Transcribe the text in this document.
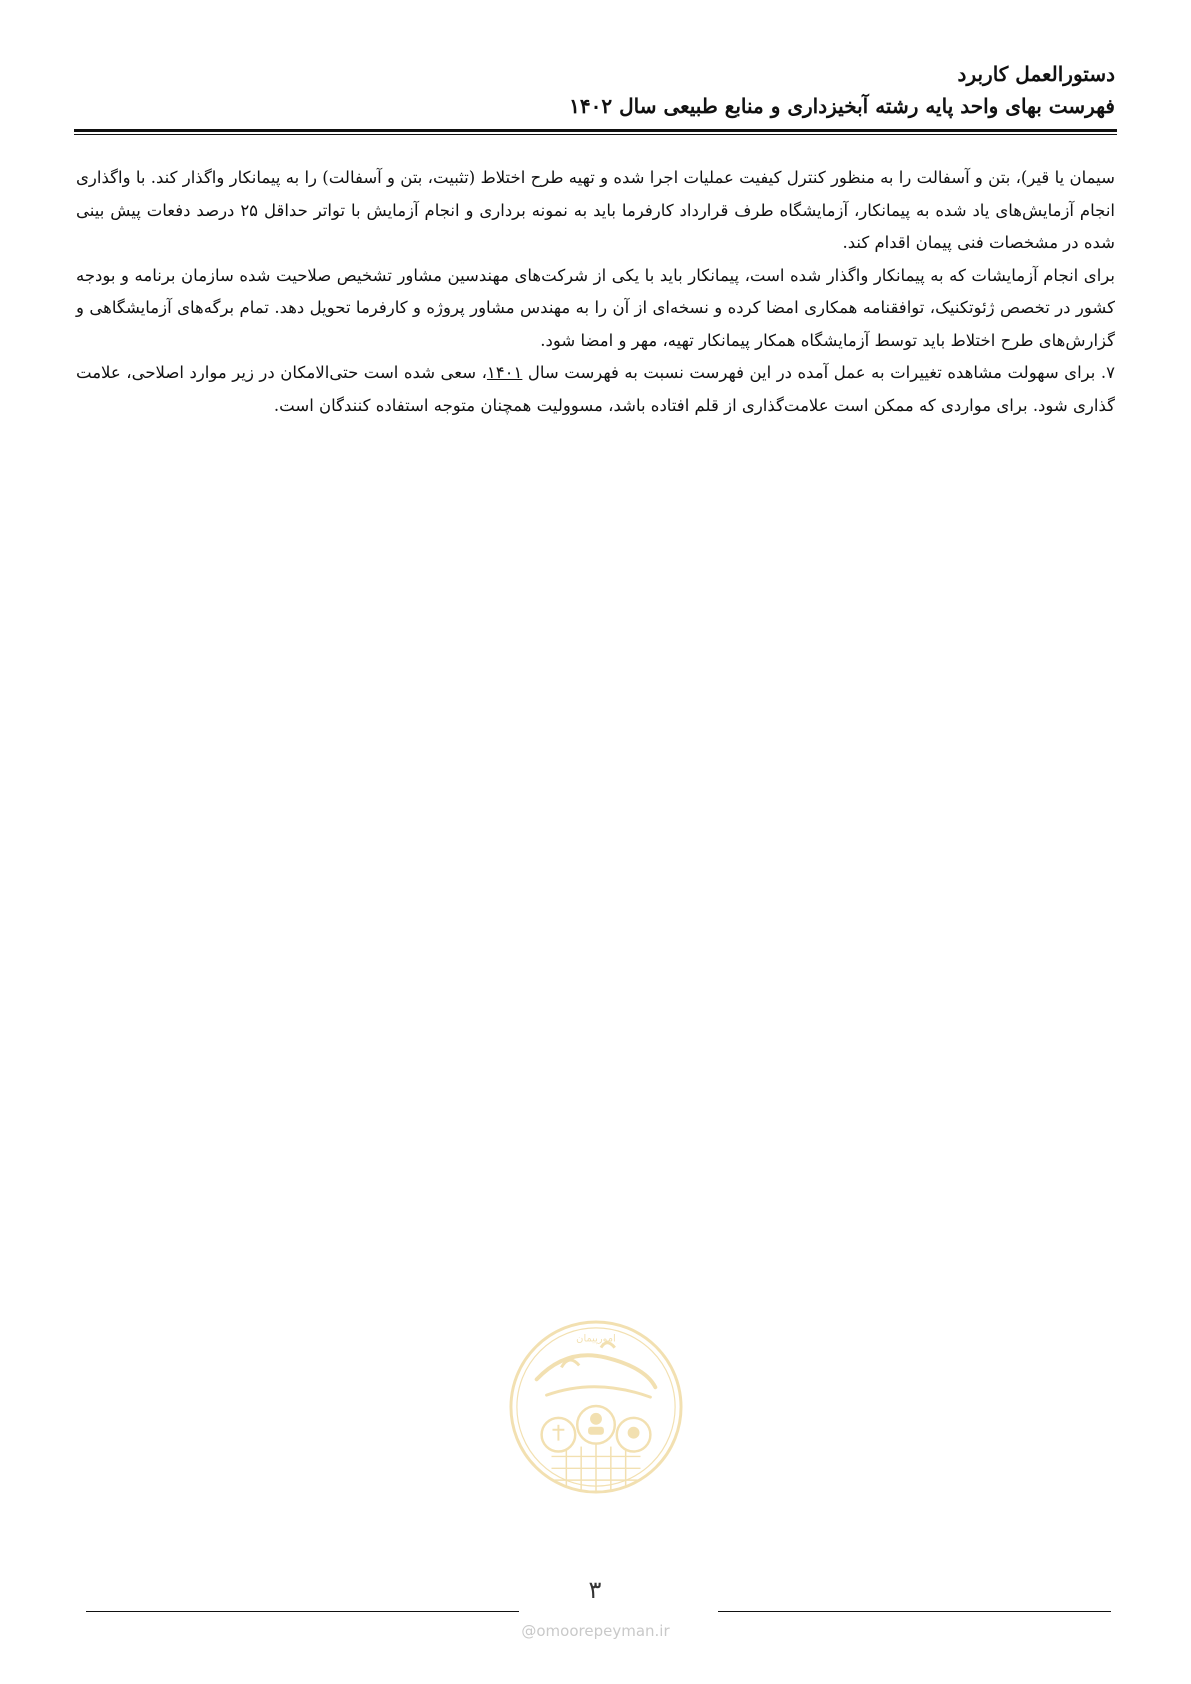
دستورالعمل کاربرد
فهرست بهای واحد پایه رشته آبخیزداری و منابع طبیعی سال ۱۴۰۲

سیمان یا قیر)، بتن و آسفالت را به منظور کنترل کیفیت عملیات اجرا شده و تهیه طرح اختلاط (تثبیت، بتن و آسفالت) را به پیمانکار واگذار کند. با واگذاری انجام آزمایش‌های یاد شده به پیمانکار، آزمایشگاه طرف قرارداد کارفرما باید به نمونه برداری و انجام آزمایش با تواتر حداقل ۲۵ درصد دفعات پیش بینی شده در مشخصات فنی پیمان اقدام کند.

برای انجام آزمایشات که به پیمانکار واگذار شده است، پیمانکار باید با یکی از شرکت‌های مهندسین مشاور تشخیص صلاحیت شده سازمان برنامه و بودجه کشور در تخصص ژئوتکنیک، توافقنامه همکاری امضا کرده و نسخه‌ای از آن را به مهندس مشاور پروژه و کارفرما تحویل دهد. تمام برگه‌های آزمایشگاهی و گزارش‌های طرح اختلاط باید توسط آزمایشگاه همکار پیمانکار تهیه، مهر و امضا شود.

۷. برای سهولت مشاهده تغییرات به عمل آمده در این فهرست نسبت به فهرست سال ۱۴۰۱، سعی شده است حتی‌الامکان در زیر موارد اصلاحی، علامت گذاری شود. برای مواردی که ممکن است علامت‌گذاری از قلم افتاده باشد، مسوولیت همچنان متوجه استفاده کنندگان است.

امورپیمان
۳
@omoorepeyman.ir
